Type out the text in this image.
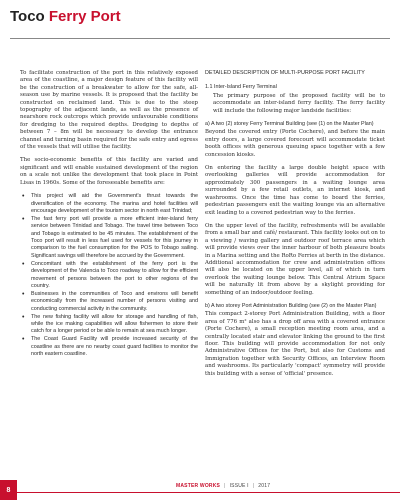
Toco Ferry Port

To facilitate construction of the port in this relatively exposed area of the coastline, a major design feature of this facility will be the construction of a breakwater to allow for the safe, all-season use by marine vessels. It is proposed that the facility be constructed on reclaimed land. This is due to the steep topography of the adjacent lands, as well as the presence of nearshore rock outcrops which provide unfavourable conditions for dredging to the required depths. Dredging to depths of between 7 – 8m will be necessary to develop the entrance channel and turning basin required for the safe entry and egress of the vessels that will utilise the facility.

The socio-economic benefits of this facility are varied and significant and will enable sustained development of the region on a scale not unlike the development that took place in Point Lisas in 1960s. Some of the foreseeable benefits are:

• This project will aid the Government's thrust towards the diversification of the economy. The marina and hotel facilities will encourage development of the tourism sector in north east Trinidad;
• The fast ferry port will provide a more efficient inter-island ferry service between Trinidad and Tobago. The travel time between Toco and Tobago is estimated to be 45 minutes. The establishment of the Toco port will result in less fuel used for vessels for this journey in comparison to the fuel consumption for the POS to Tobago sailing. Significant savings will therefore be accrued by the Government.
• Concomitant with the establishment of the ferry port is the development of the Valencia to Toco roadway to allow for the efficient movement of persons between the port to other regions of the country.
• Businesses in the communities of Toco and environs will benefit economically from the increased number of persons visiting and conducting commercial activity in the community.
• The new fishing facility will allow for storage and handling of fish, while the ice making capabilities will allow fishermen to store their catch for a longer period or be able to remain at sea much longer.
• The Coast Guard Facility will provide increased security of the coastline as there are no nearby coast guard facilities to monitor the north eastern coastline.

DETAILED DESCRIPTION OF MULTI-PURPOSE PORT FACILITY

1.1 Inter-Island Ferry Terminal

The primary purpose of the proposed facility will be to accommodate an inter-island ferry facility. The ferry facility will include the following major landside facilities:

a) A two (2) storey Ferry Terminal Building (see (1) on the Master Plan)

Beyond the covered entry (Porte Cochere), and before the main entry doors, a large covered forecourt will accommodate ticket booth offices with generous queuing space together with a few concession kiosks.

On entering the facility a large double height space with overlooking galleries will provide accommodation for approximately 300 passengers in a waiting lounge area surrounded by a few retail outlets, an internet kiosk, and washrooms. Once the time has come to board the ferries, pedestrian passengers exit the waiting lounge via an alternative exit leading to a covered pedestrian way to the ferries.

On the upper level of the facility, refreshments will be available from a small bar and café/ restaurant. This facility looks out on to a viewing / waving gallery and outdoor roof terrace area which will provide views over the inner harbour of both pleasure boats in a Marina setting and the RoRo Ferries at berth in the distance. Additional accommodation for crew and administration offices will also be located on the upper level, all of which in turn overlook the waiting lounge below. This Central Atrium Space will be naturally lit from above by a skylight providing for something of an indoor/outdoor feeling.

b) A two storey Port Administration Building (see (2) on the Master Plan)

This compact 2-storey Port Administration Building, with a floor area of 776 m² also has a drop off area with a covered entrance (Porte Cochere), a small reception meeting room area, and a centrally located stair and elevator linking the ground to the first floor. This building will provide accommodation for not only Administrative Offices for the Port, but also for Customs and Immigration together with Security Offices, an Interview Room and washrooms. Its particularly 'compact' symmetry will provide this building with a sense of 'official' presence.

8
MASTER WORKS | ISSUE I | 2017
